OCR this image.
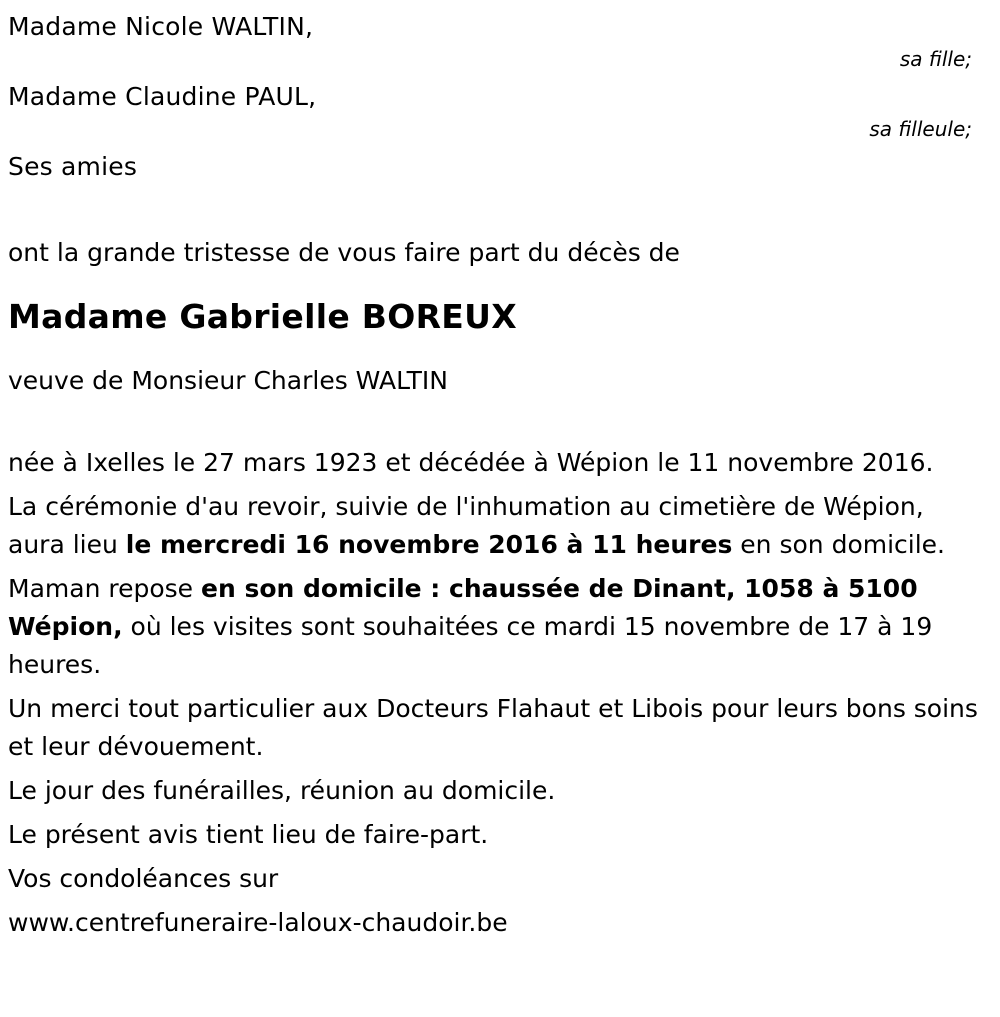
Madame Nicole WALTIN,
sa fille;
Madame Claudine PAUL,
sa filleule;
Ses amies
ont la grande tristesse de vous faire part du décès de
Madame Gabrielle BOREUX
veuve de Monsieur Charles WALTIN
née à Ixelles le 27 mars 1923 et décédée à Wépion le 11 novembre 2016.
La cérémonie d'au revoir, suivie de l'inhumation au cimetière de Wépion, aura lieu le mercredi 16 novembre 2016 à 11 heures en son domicile.
Maman repose en son domicile : chaussée de Dinant, 1058 à 5100 Wépion, où les visites sont souhaitées ce mardi 15 novembre de 17 à 19 heures.
Un merci tout particulier aux Docteurs Flahaut et Libois pour leurs bons soins et leur dévouement.
Le jour des funérailles, réunion au domicile.
Le présent avis tient lieu de faire-part.
Vos condoléances sur
www.centrefuneraire-laloux-chaudoir.be
